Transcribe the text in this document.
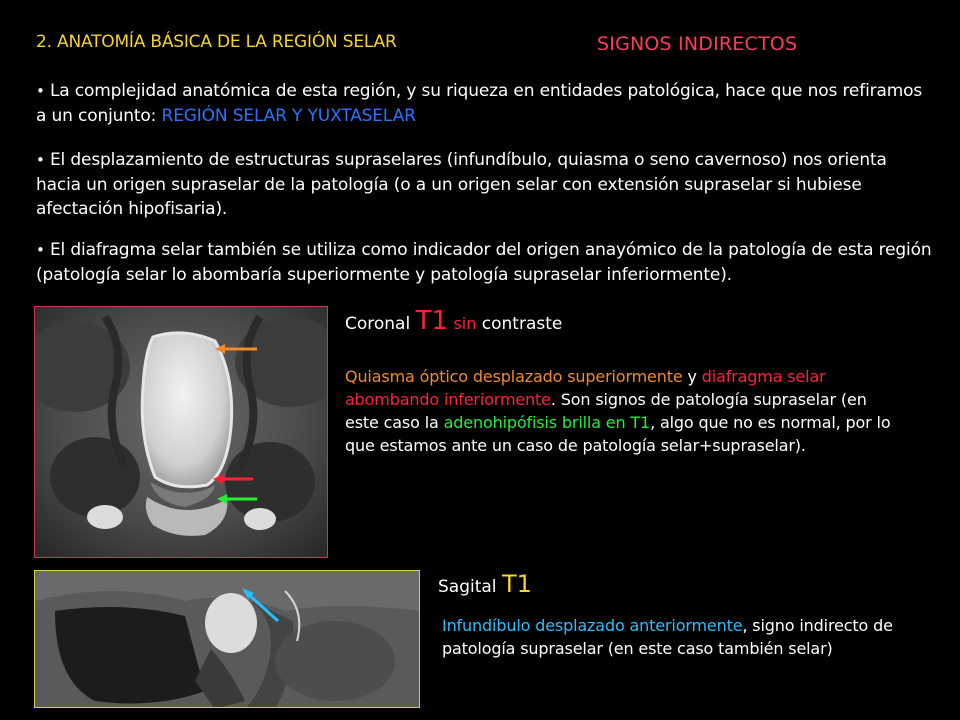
2. ANATOMÍA BÁSICA DE LA REGIÓN SELAR	SIGNOS INDIRECTOS
• La complejidad anatómica de esta región, y su riqueza en entidades patológica, hace que nos refiramos a un conjunto: REGIÓN SELAR Y YUXTASELAR
• El desplazamiento de estructuras supraselares (infundíbulo, quiasma o seno cavernoso) nos orienta hacia un origen supraselar de la patología (o a un origen selar con extensión supraselar si hubiese afectación hipofisaria).
• El diafragma selar también se utiliza como indicador del origen anayómico de la patología de esta región (patología selar lo abombaría superiormente y patología supraselar inferiormente).
Coronal T1 sin contraste
Quiasma óptico desplazado superiormente y diafragma selar abombando inferiormente. Son signos de patología supraselar (en este caso la adenohipófisis brilla en T1, algo que no es normal, por lo que estamos ante un caso de patología selar+supraselar).
Sagital T1
Infundíbulo desplazado anteriormente, signo indirecto de patología supraselar (en este caso también selar)
